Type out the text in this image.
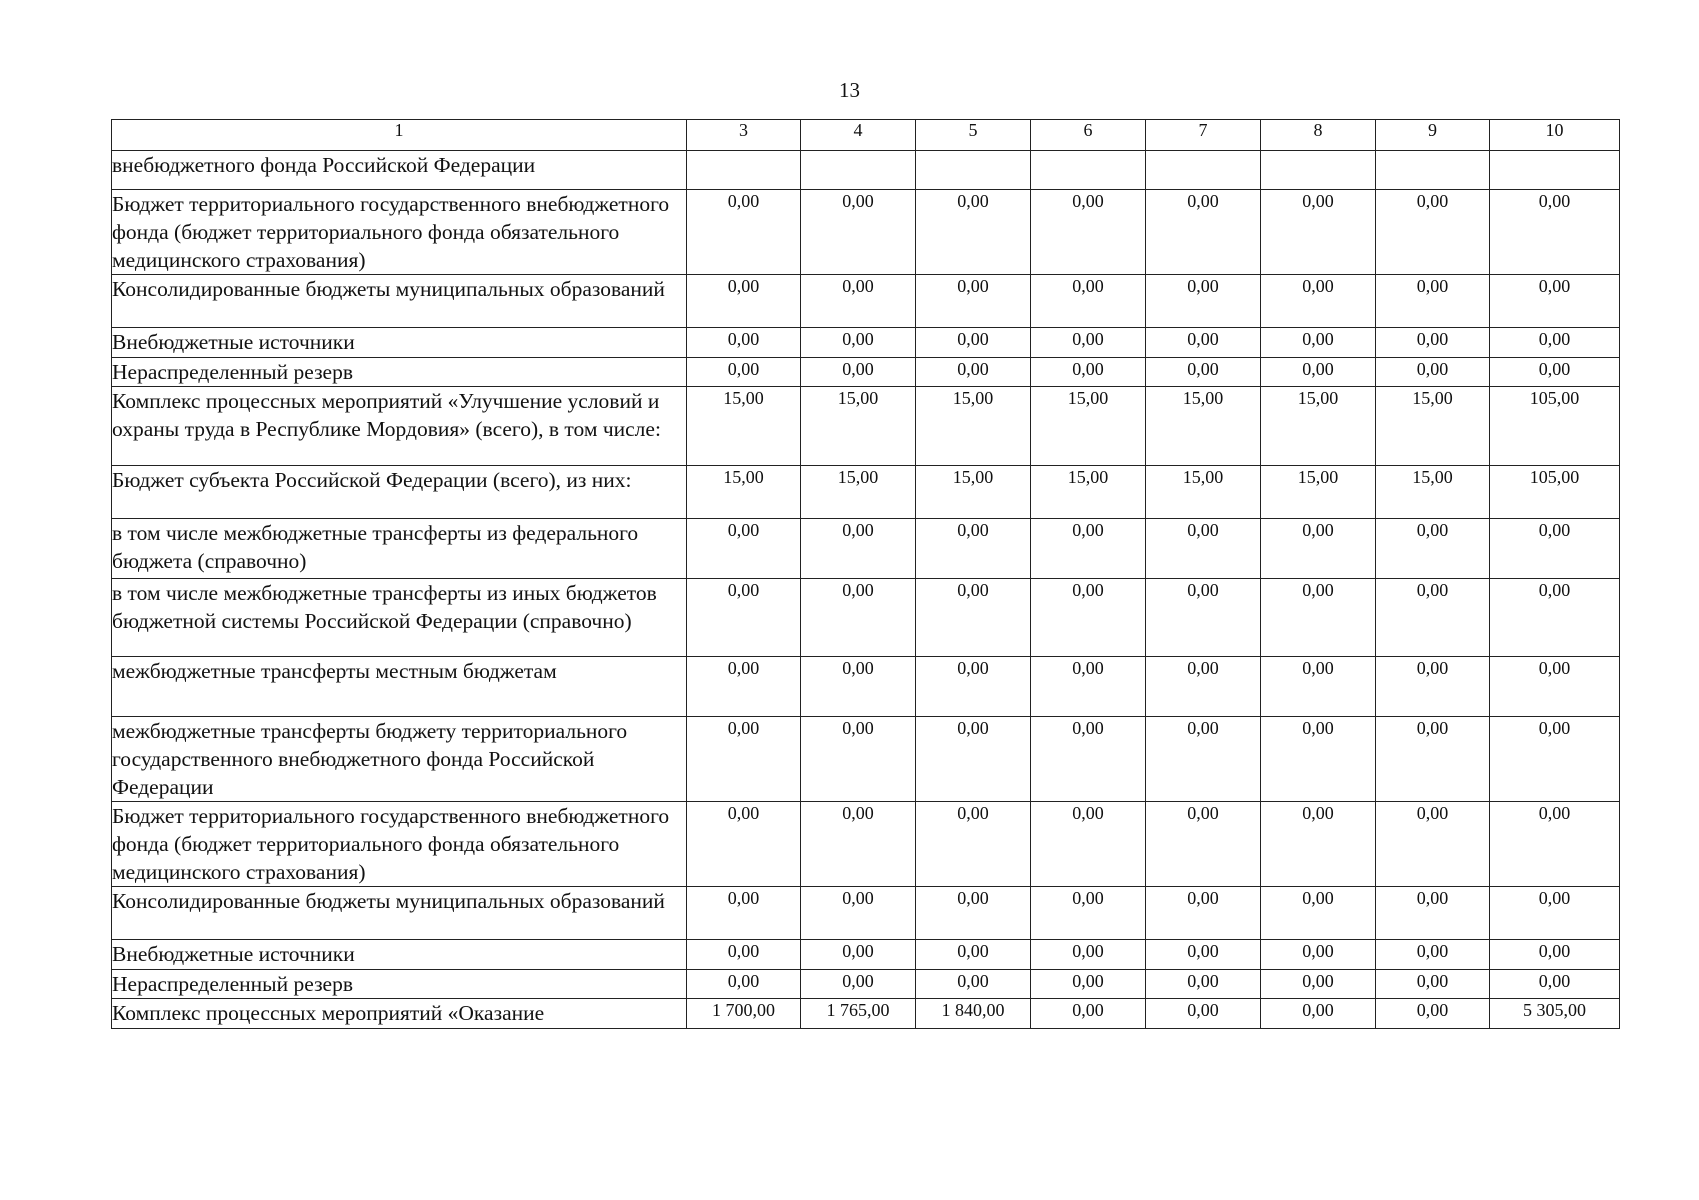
13
1	3	4	5	6	7	8	9	10
внебюджетного фонда Российской Федерации								
Бюджет территориального государственного внебюджетного фонда (бюджет территориального фонда обязательного медицинского страхования)	0,00	0,00	0,00	0,00	0,00	0,00	0,00	0,00
Консолидированные бюджеты муниципальных образований	0,00	0,00	0,00	0,00	0,00	0,00	0,00	0,00
Внебюджетные источники	0,00	0,00	0,00	0,00	0,00	0,00	0,00	0,00
Нераспределенный резерв	0,00	0,00	0,00	0,00	0,00	0,00	0,00	0,00
Комплекс процессных мероприятий «Улучшение условий и охраны труда в Республике Мордовия» (всего), в том числе:	15,00	15,00	15,00	15,00	15,00	15,00	15,00	105,00
Бюджет субъекта Российской Федерации (всего), из них:	15,00	15,00	15,00	15,00	15,00	15,00	15,00	105,00
в том числе межбюджетные трансферты из федерального бюджета (справочно)	0,00	0,00	0,00	0,00	0,00	0,00	0,00	0,00
в том числе межбюджетные трансферты из иных бюджетов бюджетной системы Российской Федерации (справочно)	0,00	0,00	0,00	0,00	0,00	0,00	0,00	0,00
межбюджетные трансферты местным бюджетам	0,00	0,00	0,00	0,00	0,00	0,00	0,00	0,00
межбюджетные трансферты бюджету территориального государственного внебюджетного фонда Российской Федерации	0,00	0,00	0,00	0,00	0,00	0,00	0,00	0,00
Бюджет территориального государственного внебюджетного фонда (бюджет территориального фонда обязательного медицинского страхования)	0,00	0,00	0,00	0,00	0,00	0,00	0,00	0,00
Консолидированные бюджеты муниципальных образований	0,00	0,00	0,00	0,00	0,00	0,00	0,00	0,00
Внебюджетные источники	0,00	0,00	0,00	0,00	0,00	0,00	0,00	0,00
Нераспределенный резерв	0,00	0,00	0,00	0,00	0,00	0,00	0,00	0,00
Комплекс процессных мероприятий «Оказание	1 700,00	1 765,00	1 840,00	0,00	0,00	0,00	0,00	5 305,00
